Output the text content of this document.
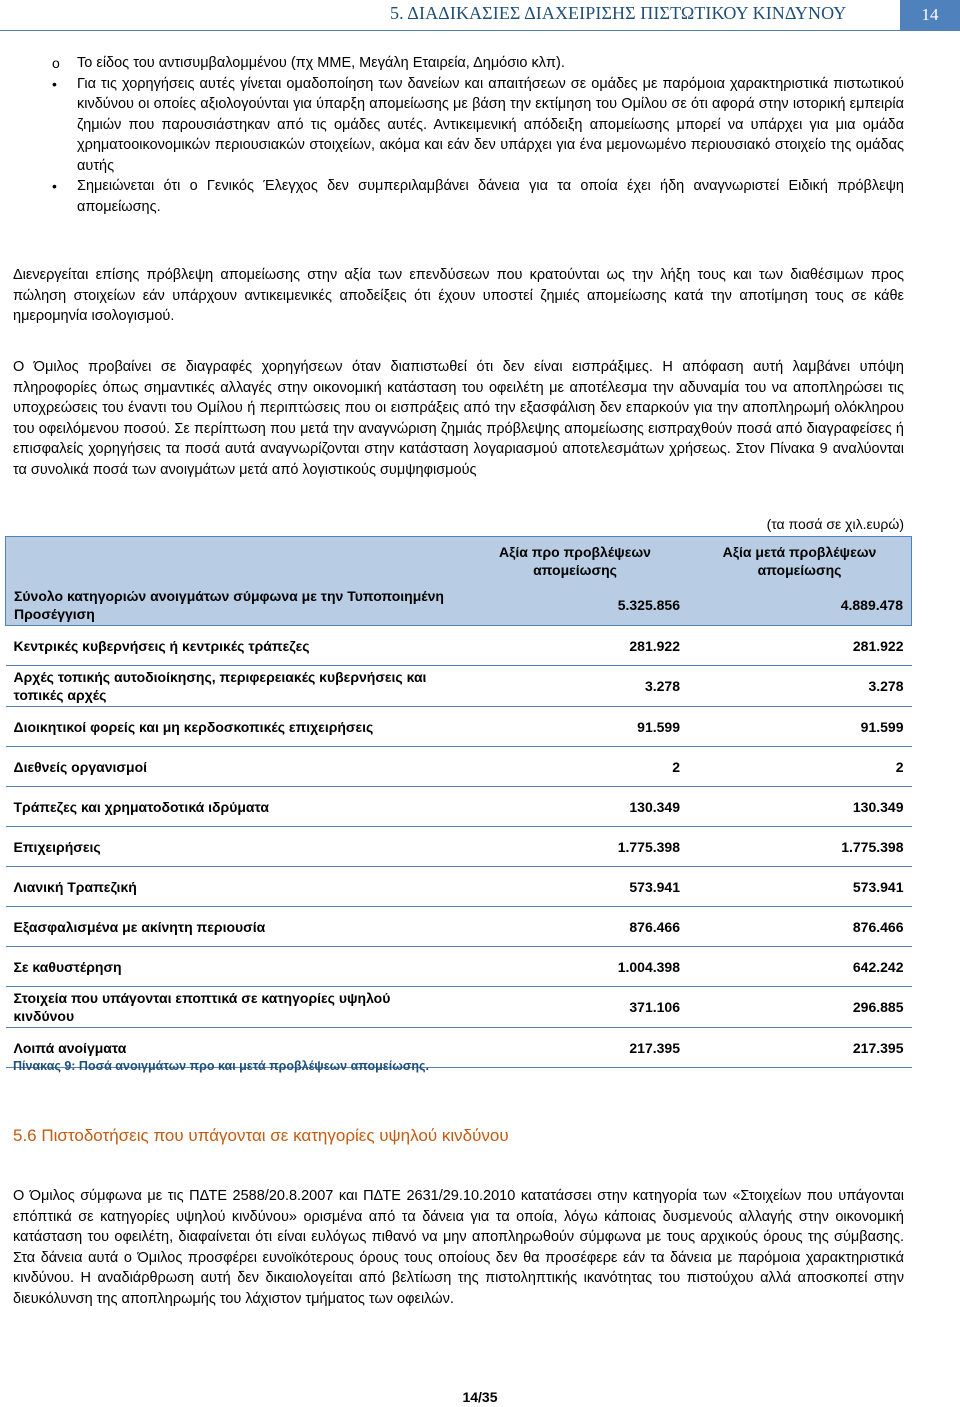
5. ΔΙΑΔΙΚΑΣΙΕΣ ΔΙΑΧΕΙΡΙΣΗΣ ΠΙΣΤΩΤΙΚΟΥ ΚΙΝΔΥΝΟΥ	14
o	Το είδος του αντισυμβαλομμένου (πχ ΜΜΕ, Μεγάλη Εταιρεία, Δημόσιο κλπ).
•	Για τις χορηγήσεις αυτές γίνεται ομαδοποίηση των δανείων και απαιτήσεων σε ομάδες με παρόμοια χαρακτηριστικά πιστωτικού κινδύνου οι οποίες αξιολογούνται για ύπαρξη απομείωσης με βάση την εκτίμηση του Ομίλου σε ότι αφορά στην ιστορική εμπειρία ζημιών που παρουσιάστηκαν από τις ομάδες αυτές. Αντικειμενική απόδειξη απομείωσης μπορεί να υπάρχει για μια ομάδα χρηματοοικονομικών περιουσιακών στοιχείων, ακόμα και εάν δεν υπάρχει για ένα μεμονωμένο περιουσιακό στοιχείο της ομάδας αυτής
•	Σημειώνεται ότι ο Γενικός Έλεγχος δεν συμπεριλαμβάνει δάνεια για τα οποία έχει ήδη αναγνωριστεί Ειδική πρόβλεψη απομείωσης.

Διενεργείται επίσης πρόβλεψη απομείωσης στην αξία των επενδύσεων που κρατούνται ως την λήξη τους και των διαθέσιμων προς πώληση στοιχείων εάν υπάρχουν αντικειμενικές αποδείξεις ότι έχουν υποστεί ζημιές απομείωσης κατά την αποτίμηση τους σε κάθε ημερομηνία ισολογισμού.

Ο Όμιλος προβαίνει σε διαγραφές χορηγήσεων όταν διαπιστωθεί ότι δεν είναι εισπράξιμες. Η απόφαση αυτή λαμβάνει υπόψη πληροφορίες όπως σημαντικές αλλαγές στην οικονομική κατάσταση του οφειλέτη με αποτέλεσμα την αδυναμία του να αποπληρώσει τις υποχρεώσεις του έναντι του Ομίλου ή περιπτώσεις που οι εισπράξεις από την εξασφάλιση δεν επαρκούν για την αποπληρωμή ολόκληρου του οφειλόμενου ποσού. Σε περίπτωση που μετά την αναγνώριση ζημιάς πρόβλεψης απομείωσης εισπραχθούν ποσά από διαγραφείσες ή επισφαλείς χορηγήσεις τα ποσά αυτά αναγνωρίζονται στην κατάσταση λογαριασμού αποτελεσμάτων χρήσεως. Στον Πίνακα 9 αναλύονται τα συνολικά ποσά των ανοιγμάτων μετά από λογιστικούς συμψηφισμούς

(τα ποσά σε χιλ.ευρώ)
	Αξία προ προβλέψεων απομείωσης	Αξία μετά προβλέψεων απομείωσης
Σύνολο κατηγοριών ανοιγμάτων σύμφωνα με την Τυποποιημένη Προσέγγιση	5.325.856	4.889.478
Κεντρικές κυβερνήσεις ή κεντρικές τράπεζες	281.922	281.922
Αρχές τοπικής αυτοδιοίκησης, περιφερειακές κυβερνήσεις και τοπικές αρχές	3.278	3.278
Διοικητικοί φορείς και μη κερδοσκοπικές επιχειρήσεις	91.599	91.599
Διεθνείς οργανισμοί	2	2
Τράπεζες και χρηματοδοτικά ιδρύματα	130.349	130.349
Επιχειρήσεις	1.775.398	1.775.398
Λιανική Τραπεζική	573.941	573.941
Εξασφαλισμένα με ακίνητη περιουσία	876.466	876.466
Σε καθυστέρηση	1.004.398	642.242
Στοιχεία που υπάγονται εποπτικά σε κατηγορίες υψηλού κινδύνου	371.106	296.885
Λοιπά ανοίγματα	217.395	217.395
Πίνακας 9: Ποσά ανοιγμάτων προ και μετά προβλέψεων απομείωσης.
5.6 Πιστοδοτήσεις που υπάγονται σε κατηγορίες υψηλού κινδύνου

Ο Όμιλος σύμφωνα με τις ΠΔΤΕ 2588/20.8.2007 και ΠΔΤΕ 2631/29.10.2010 κατατάσσει στην κατηγορία των «Στοιχείων που υπάγονται επόπτικά σε κατηγορίες υψηλού κινδύνου» ορισμένα από τα δάνεια για τα οποία, λόγω κάποιας δυσμενούς αλλαγής στην οικονομική κατάσταση του οφειλέτη, διαφαίνεται ότι είναι ευλόγως πιθανό να μην αποπληρωθούν σύμφωνα με τους αρχικούς όρους της σύμβασης. Στα δάνεια αυτά ο Όμιλος προσφέρει ευνοϊκότερους όρους τους οποίους δεν θα προσέφερε εάν τα δάνεια με παρόμοια χαρακτηριστικά κινδύνου. Η αναδιάρθρωση αυτή δεν δικαιολογείται από βελτίωση της πιστοληπτικής ικανότητας του πιστούχου αλλά αποσκοπεί στην διευκόλυνση της αποπληρωμής του λάχιστον τμήματος των οφειλών.

14/35
